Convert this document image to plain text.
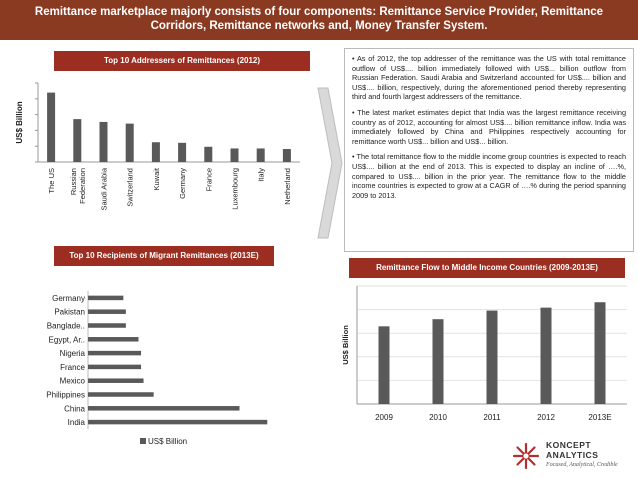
Remittance marketplace majorly consists of four components: Remittance Service Provider, Remittance
Corridors, Remittance networks and, Money Transfer System.
Top 10 Addressers of Remittances (2012)
US$ Billion
The US Russian Federation Saudi Arabia Switzerland Kuwait Germany France Luxembourg Italy Netherland

• As of 2012, the top addresser of the remittance was the US with total remittance outflow of US$.... billion immediately followed with US$... billion outflow from Russian Federation. Saudi Arabia and Switzerland accounted for US$.... billion and US$.... billion, respectively, during the aforementioned period thereby representing third and fourth largest addressers of the remittance.

• The latest market estimates depict that India was the largest remittance receiving country as of 2012, accounting for almost US$.... billion remittance inflow. India was immediately followed by China and Philippines respectively accounting for remittance worth US$... billion and US$... billion.

• The total remittance flow to the middle income group countries is expected to reach US$.... billion at the end of 2013. This is expected to display an incline of ….%, compared to US$.... billion in the prior year. The remittance flow to the middle income countries is expected to grow at a CAGR of ….% during the period spanning 2009 to 2013.

Top 10 Recipients of Migrant Remittances (2013E)
India
China
Philippines
Mexico
France
Nigeria
Egypt, Ar..
Banglade..
Pakistan
Germany
US$ Billion
Remittance Flow to Middle Income Countries (2009-2013E)
US$ Billion
2009	2010	2011	2012	2013E
KONCEPT
ANALYTICS
Focused, Analytical, Credible
